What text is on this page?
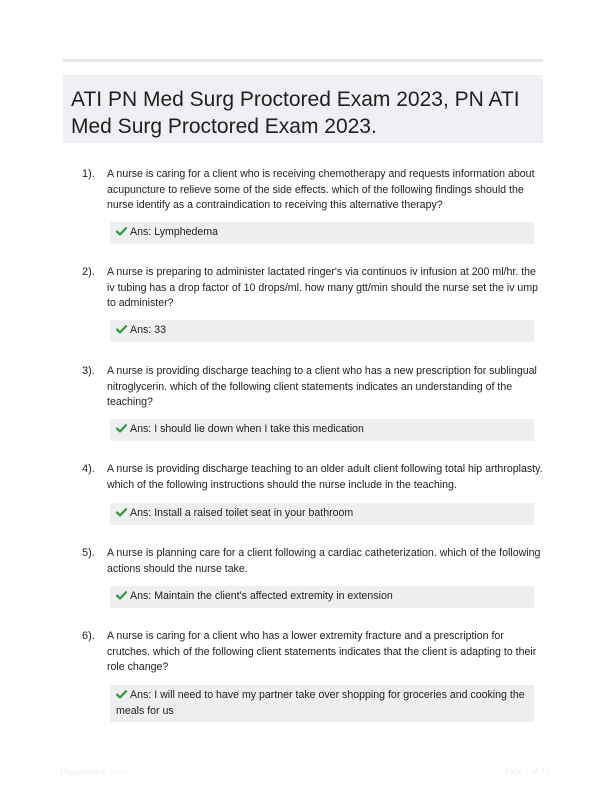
ATI PN Med Surg Proctored Exam 2023, PN ATI Med Surg Proctored Exam 2023.
1). A nurse is caring for a client who is receiving chemotherapy and requests information about acupuncture to relieve some of the side effects. which of the following findings should the nurse identify as a contraindication to receiving this alternative therapy?

Ans: Lymphedema
2). A nurse is preparing to administer lactated ringer's via continuos iv infusion at 200 ml/hr. the iv tubing has a drop factor of 10 drops/ml. how many gtt/min should the nurse set the iv ump to administer?

Ans: 33
3). A nurse is providing discharge teaching to a client who has a new prescription for sublingual nitroglycerin. which of the following client statements indicates an understanding of the teaching?

Ans: I should lie down when I take this medication
4). A nurse is providing discharge teaching to an older adult client following total hip arthroplasty. which of the following instructions should the nurse include in the teaching.

Ans: Install a raised toilet seat in your bathroom
5). A nurse is planning care for a client following a cardiac catheterization. which of the following actions should the nurse take.

Ans: Maintain the client's affected extremity in extension
6). A nurse is caring for a client who has a lower extremity fracture and a prescription for crutches. which of the following client statements indicates that the client is adapting to their role change?

Ans: I will need to have my partner take over shopping for groceries and cooking the meals for us
PaperRubic.com	Page 1 of 15
